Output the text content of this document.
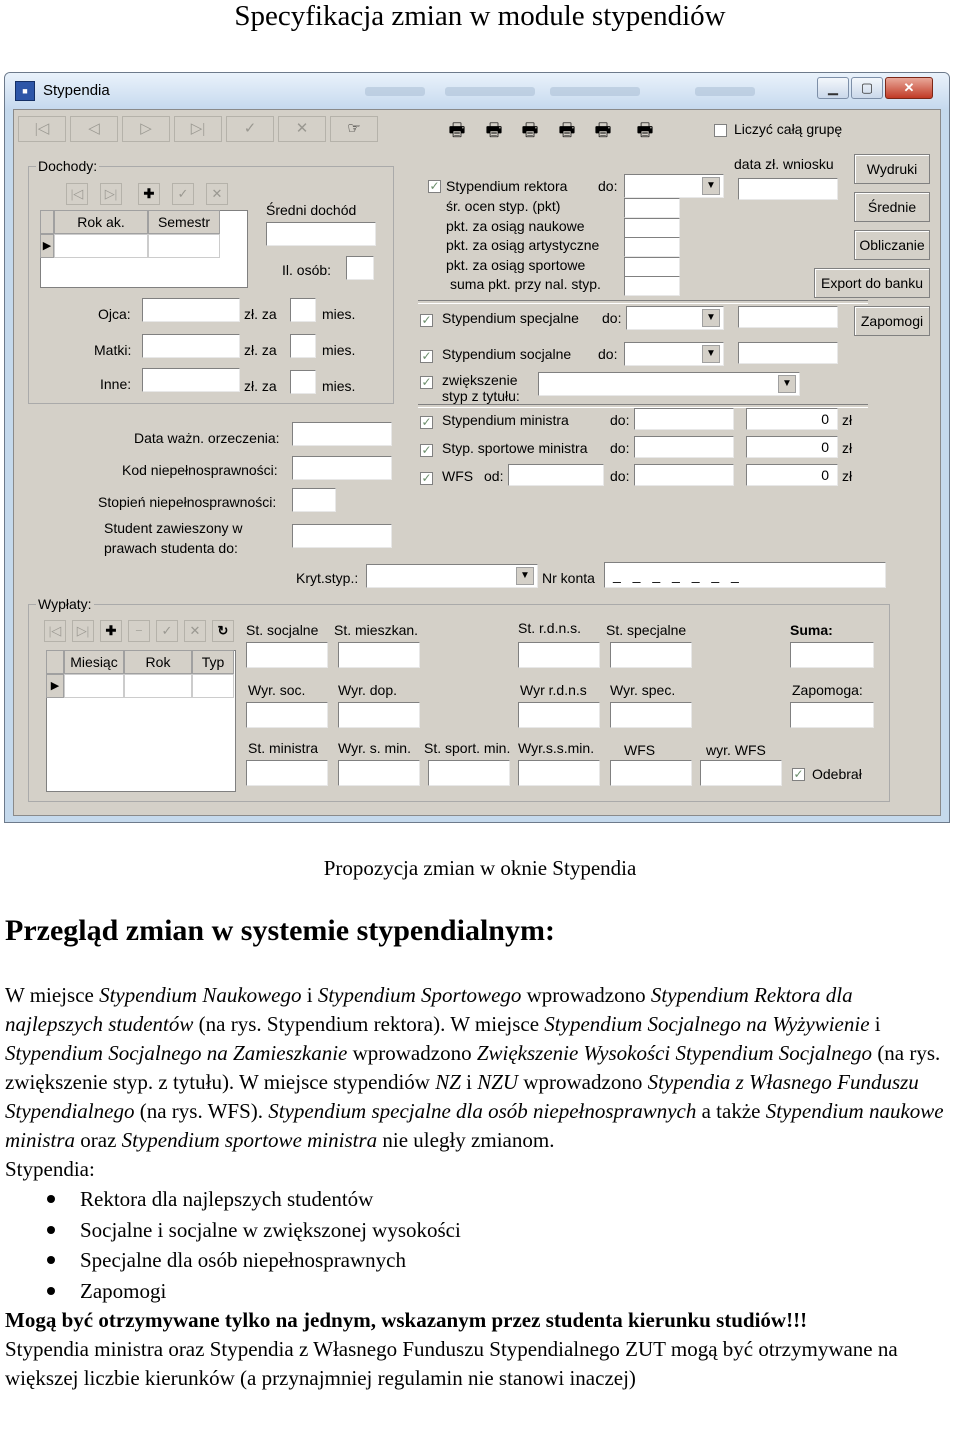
Specyfikacja zmian w module stypendiów
■	Stypendia	▁	▢	✕
|◁	◁	▷	▷|	✓	✕	☞	🖶 🖶 🖶 🖶 🖶 🖶	Liczyć całą grupę
data zł. wniosku
Dochody:
|◁	▷|	✚	✓	✕
Rok ak.	Semestr
▶
Średni dochód
Il. osób:
Ojca:	zł. za	mies.
Matki:	zł. za	mies.
Inne:	zł. za	mies.
✓ Stypendium rektora do:
▼
śr. ocen styp. (pkt)
pkt. za osiąg naukowe
pkt. za osiąg artystyczne
pkt. za osiąg sportowe
suma pkt. przy nal. styp.
✓ Stypendium specjalne do:
▼
✓ Stypendium socjalne do:
▼
✓ zwiększenie
styp z tytułu:
▼
✓ Stypendium ministra	do:	0 zł
✓ Styp. sportowe ministra do:	0 zł
✓ WFS od:	do:	0 zł
Wydruki
Średnie
Obliczanie
Export do banku
Zapomogi
Data ważn. orzeczenia:
Kod niepełnosprawności:
Stopień niepełnosprawności:
Student zawieszony w
prawach studenta do:
Kryt.styp.:
▼	Nr konta	_ _ _ _ _ _ _
Wypłaty:
|◁	▷|	✚	−	✓	✕	↻
Miesiąc	Rok	Typ
▶
St. socjalne St. mieszkan.	St. r.d.n.s. St. specjalne	Suma:
Wyr. soc. Wyr. dop.	Wyr r.d.n.s Wyr. spec.	Zapomoga:
St. ministra Wyr. s. min. St. sport. min. Wyr.s.s.min. WFS	wyr. WFS
✓ Odebrał
Propozycja zmian w oknie Stypendia
Przegląd zmian w systemie stypendialnym:
W miejsce Stypendium Naukowego i Stypendium Sportowego wprowadzono Stypendium Rektora dla najlepszych studentów (na rys. Stypendium rektora). W miejsce Stypendium Socjalnego na Wyżywienie i Stypendium Socjalnego na Zamieszkanie wprowadzono Zwiększenie Wysokości Stypendium Socjalnego (na rys. zwiększenie styp. z tytułu). W miejsce stypendiów NZ i NZU wprowadzono Stypendia z Własnego Funduszu Stypendialnego (na rys. WFS). Stypendium specjalne dla osób niepełnosprawnych a także Stypendium naukowe ministra oraz Stypendium sportowe ministra nie uległy zmianom.
Stypendia:
Rektora dla najlepszych studentów
Socjalne i socjalne w zwiększonej wysokości
Specjalne dla osób niepełnosprawnych
Zapomogi
Mogą być otrzymywane tylko na jednym, wskazanym przez studenta kierunku studiów!!!
Stypendia ministra oraz Stypendia z Własnego Funduszu Stypendialnego ZUT mogą być otrzymywane na większej liczbie kierunków (a przynajmniej regulamin nie stanowi inaczej)
